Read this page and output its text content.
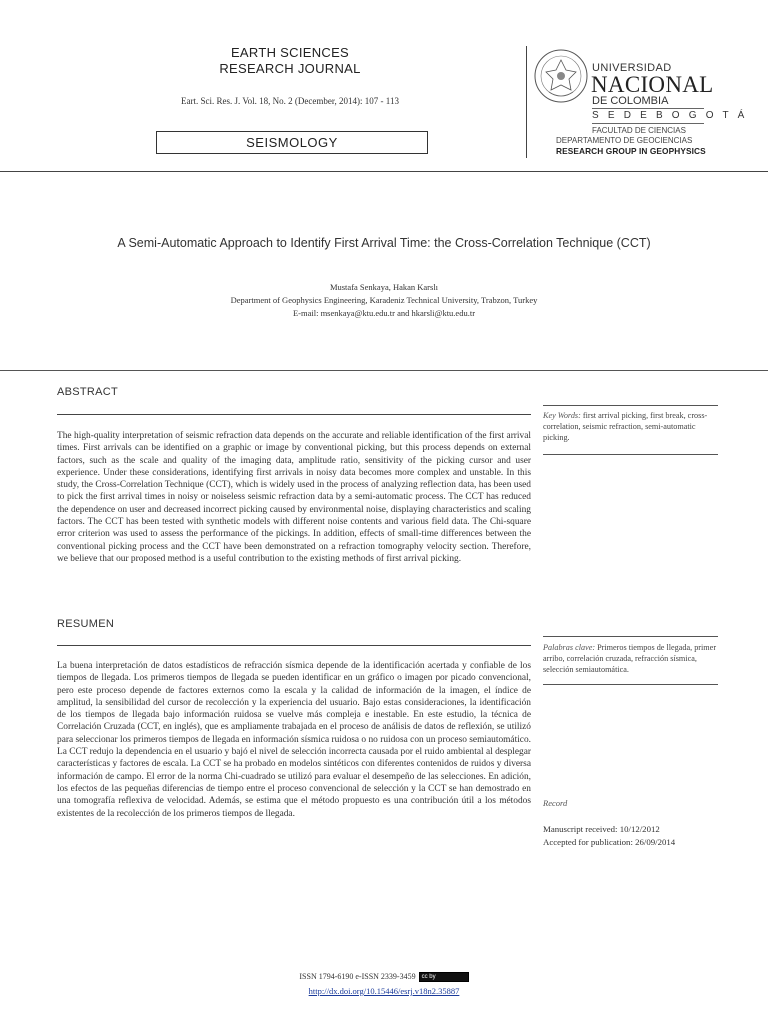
EARTH SCIENCES
RESEARCH JOURNAL
Eart. Sci. Res. J. Vol. 18, No. 2 (December, 2014): 107 - 113
SEISMOLOGY
UNIVERSIDAD
NACIONAL
DE COLOMBIA
S E D E B O G O T Á
FACULTAD DE CIENCIAS
DEPARTAMENTO DE GEOCIENCIAS
RESEARCH GROUP IN GEOPHYSICS
A Semi-Automatic Approach to Identify First Arrival Time: the Cross-Correlation Technique (CCT)
Mustafa Senkaya, Hakan Karslı
Department of Geophysics Engineering, Karadeniz Technical University, Trabzon, Turkey
E-mail: msenkaya@ktu.edu.tr and hkarsli@ktu.edu.tr
ABSTRACT
Key Words: first arrival picking, first break, cross-correlation, seismic refraction, semi-automatic picking.
The high-quality interpretation of seismic refraction data depends on the accurate and reliable identification of the first arrival times. First arrivals can be identified on a graphic or image by conventional picking, but this process depends on external factors, such as the scale and quality of the imaging data, amplitude ratio, sensitivity of the picking cursor and user experience. Under these considerations, identifying first arrivals in noisy data becomes more complex and unstable. In this study, the Cross-Correlation Technique (CCT), which is widely used in the process of analyzing reflection data, has been used to pick the first arrival times in noisy or noiseless seismic refraction data by a semi-automatic process. The CCT has reduced the dependence on user and decreased incorrect picking caused by environmental noise, displaying characteristics and scaling factors. The CCT has been tested with synthetic models with different noise contents and various field data. The Chi-square error criterion was used to assess the performance of the pickings. In addition, effects of small-time differences between the conventional picking process and the CCT have been demonstrated on a refraction tomography velocity section. Therefore, we believe that our proposed method is a useful contribution to the existing methods of first arrival picking.
RESUMEN
Palabras clave: Primeros tiempos de llegada, primer arribo, correlación cruzada, refracción sísmica, selección semiautomática.
La buena interpretación de datos estadísticos de refracción sísmica depende de la identificación acertada y confiable de los tiempos de llegada. Los primeros tiempos de llegada se pueden identificar en un gráfico o imagen por picado convencional, pero este proceso depende de factores externos como la escala y la calidad de información de la imagen, el índice de amplitud, la sensibilidad del cursor de recolección y la experiencia del usuario. Bajo estas consideraciones, la identificación de los tiempos de llegada bajo información ruidosa se vuelve más compleja e inestable. En este estudio, la técnica de Correlación Cruzada (CCT, en inglés), que es ampliamente trabajada en el proceso de análisis de datos de reflexión, se utilizó para seleccionar los primeros tiempos de llegada en información sísmica ruidosa o no ruidosa con un proceso semiautomático. La CCT redujo la dependencia en el usuario y bajó el nivel de selección incorrecta causada por el ruido ambiental al desplegar características y factores de escala. La CCT se ha probado en modelos sintéticos con diferentes contenidos de ruidos y diversa información de campo. El error de la norma Chi-cuadrado se utilizó para evaluar el desempeño de las selecciones. En adición, los efectos de las pequeñas diferencias de tiempo entre el proceso convencional de selección y la CCT se han demostrado en una tomografía reflexiva de velocidad. Además, se estima que el método propuesto es una contribución útil a los métodos existentes de la recolección de los primeros tiempos de llegada.
Record
Manuscript received: 10/12/2012
Accepted for publication: 26/09/2014
ISSN 1794-6190 e-ISSN 2339-3459 cc by
http://dx.doi.org/10.15446/esrj.v18n2.35887
